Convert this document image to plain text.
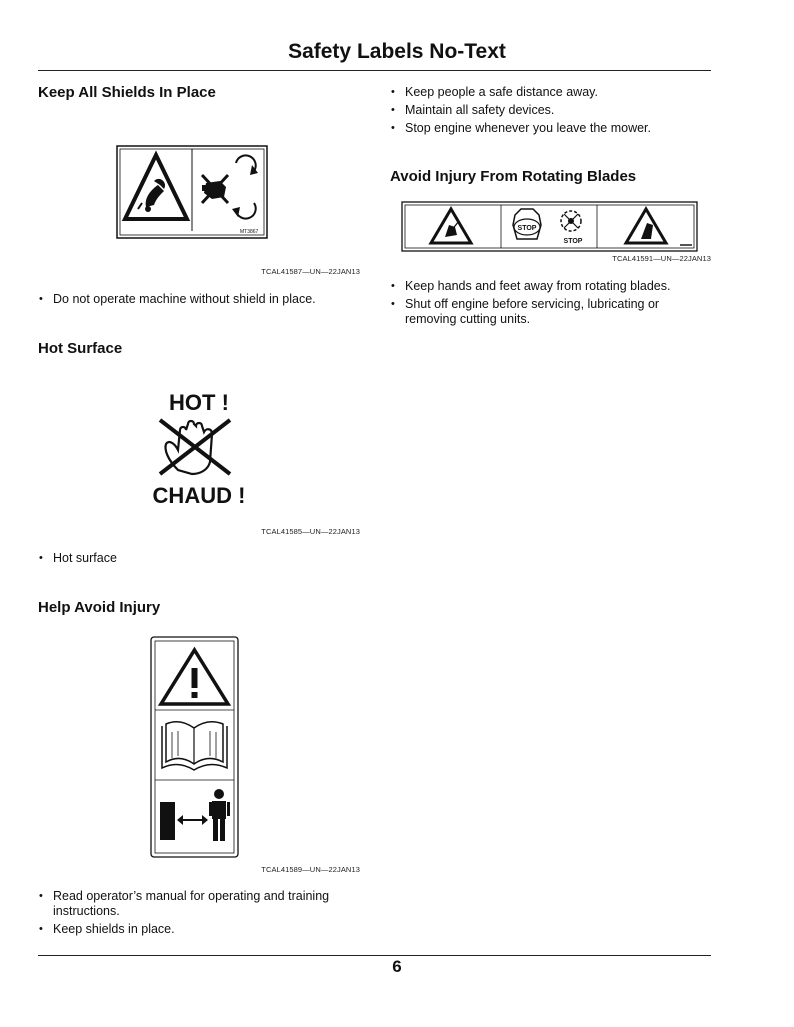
Safety Labels No-Text
Keep All Shields In Place
MT3867
TCAL41587—UN—22JAN13
• Do not operate machine without shield in place.
Hot Surface
HOT !
CHAUD !
TCAL41585—UN—22JAN13
• Hot surface
Help Avoid Injury
TCAL41589—UN—22JAN13
• Read operator’s manual for operating and training instructions.
• Keep shields in place.
• Keep people a safe distance away.
• Maintain all safety devices.
• Stop engine whenever you leave the mower.
Avoid Injury From Rotating Blades
STOP
STOP
TCAL41591—UN—22JAN13
• Keep hands and feet away from rotating blades.
• Shut off engine before servicing, lubricating or removing cutting units.
6
